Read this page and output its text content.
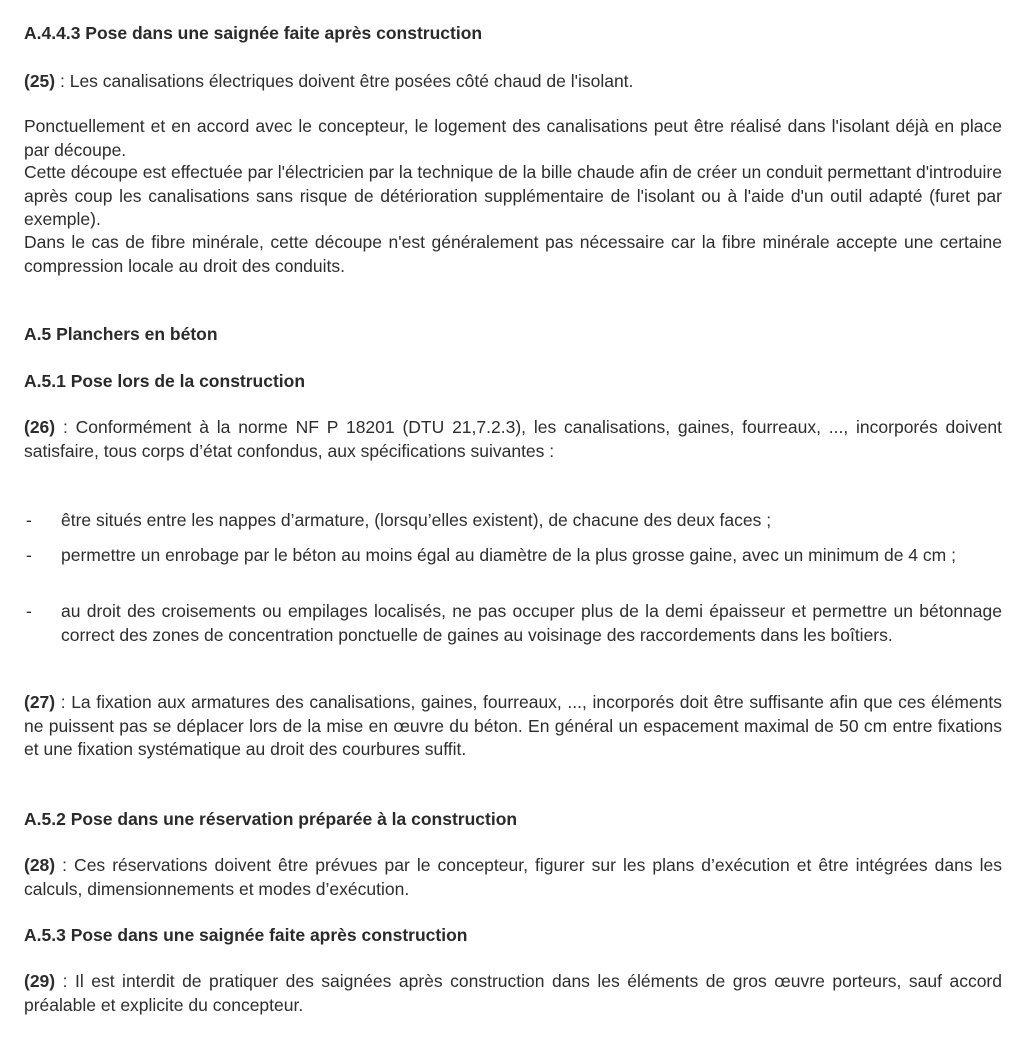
A.4.4.3 Pose dans une saignée faite après construction
(25) : Les canalisations électriques doivent être posées côté chaud de l'isolant.
Ponctuellement et en accord avec le concepteur, le logement des canalisations peut être réalisé dans l'isolant déjà en place par découpe.
Cette découpe est effectuée par l'électricien par la technique de la bille chaude afin de créer un conduit permettant d'introduire après coup les canalisations sans risque de détérioration supplémentaire de l'isolant ou à l'aide d'un outil adapté (furet par exemple).
Dans le cas de fibre minérale, cette découpe n'est généralement pas nécessaire car la fibre minérale accepte une certaine compression locale au droit des conduits.
A.5 Planchers en béton
A.5.1 Pose lors de la construction
(26) : Conformément à la norme NF P 18201 (DTU 21,7.2.3), les canalisations, gaines, fourreaux, ..., incorporés doivent satisfaire, tous corps d’état confondus, aux spécifications suivantes :
- être situés entre les nappes d’armature, (lorsqu’elles existent), de chacune des deux faces ;
- permettre un enrobage par le béton au moins égal au diamètre de la plus grosse gaine, avec un minimum de 4 cm ;
- au droit des croisements ou empilages localisés, ne pas occuper plus de la demi épaisseur et permettre un bétonnage correct des zones de concentration ponctuelle de gaines au voisinage des raccordements dans les boîtiers.
(27) : La fixation aux armatures des canalisations, gaines, fourreaux, ..., incorporés doit être suffisante afin que ces éléments ne puissent pas se déplacer lors de la mise en œuvre du béton. En général un espacement maximal de 50 cm entre fixations et une fixation systématique au droit des courbures suffit.
A.5.2 Pose dans une réservation préparée à la construction
(28) : Ces réservations doivent être prévues par le concepteur, figurer sur les plans d’exécution et être intégrées dans les calculs, dimensionnements et modes d’exécution.
A.5.3 Pose dans une saignée faite après construction
(29) : Il est interdit de pratiquer des saignées après construction dans les éléments de gros œuvre porteurs, sauf accord préalable et explicite du concepteur.
